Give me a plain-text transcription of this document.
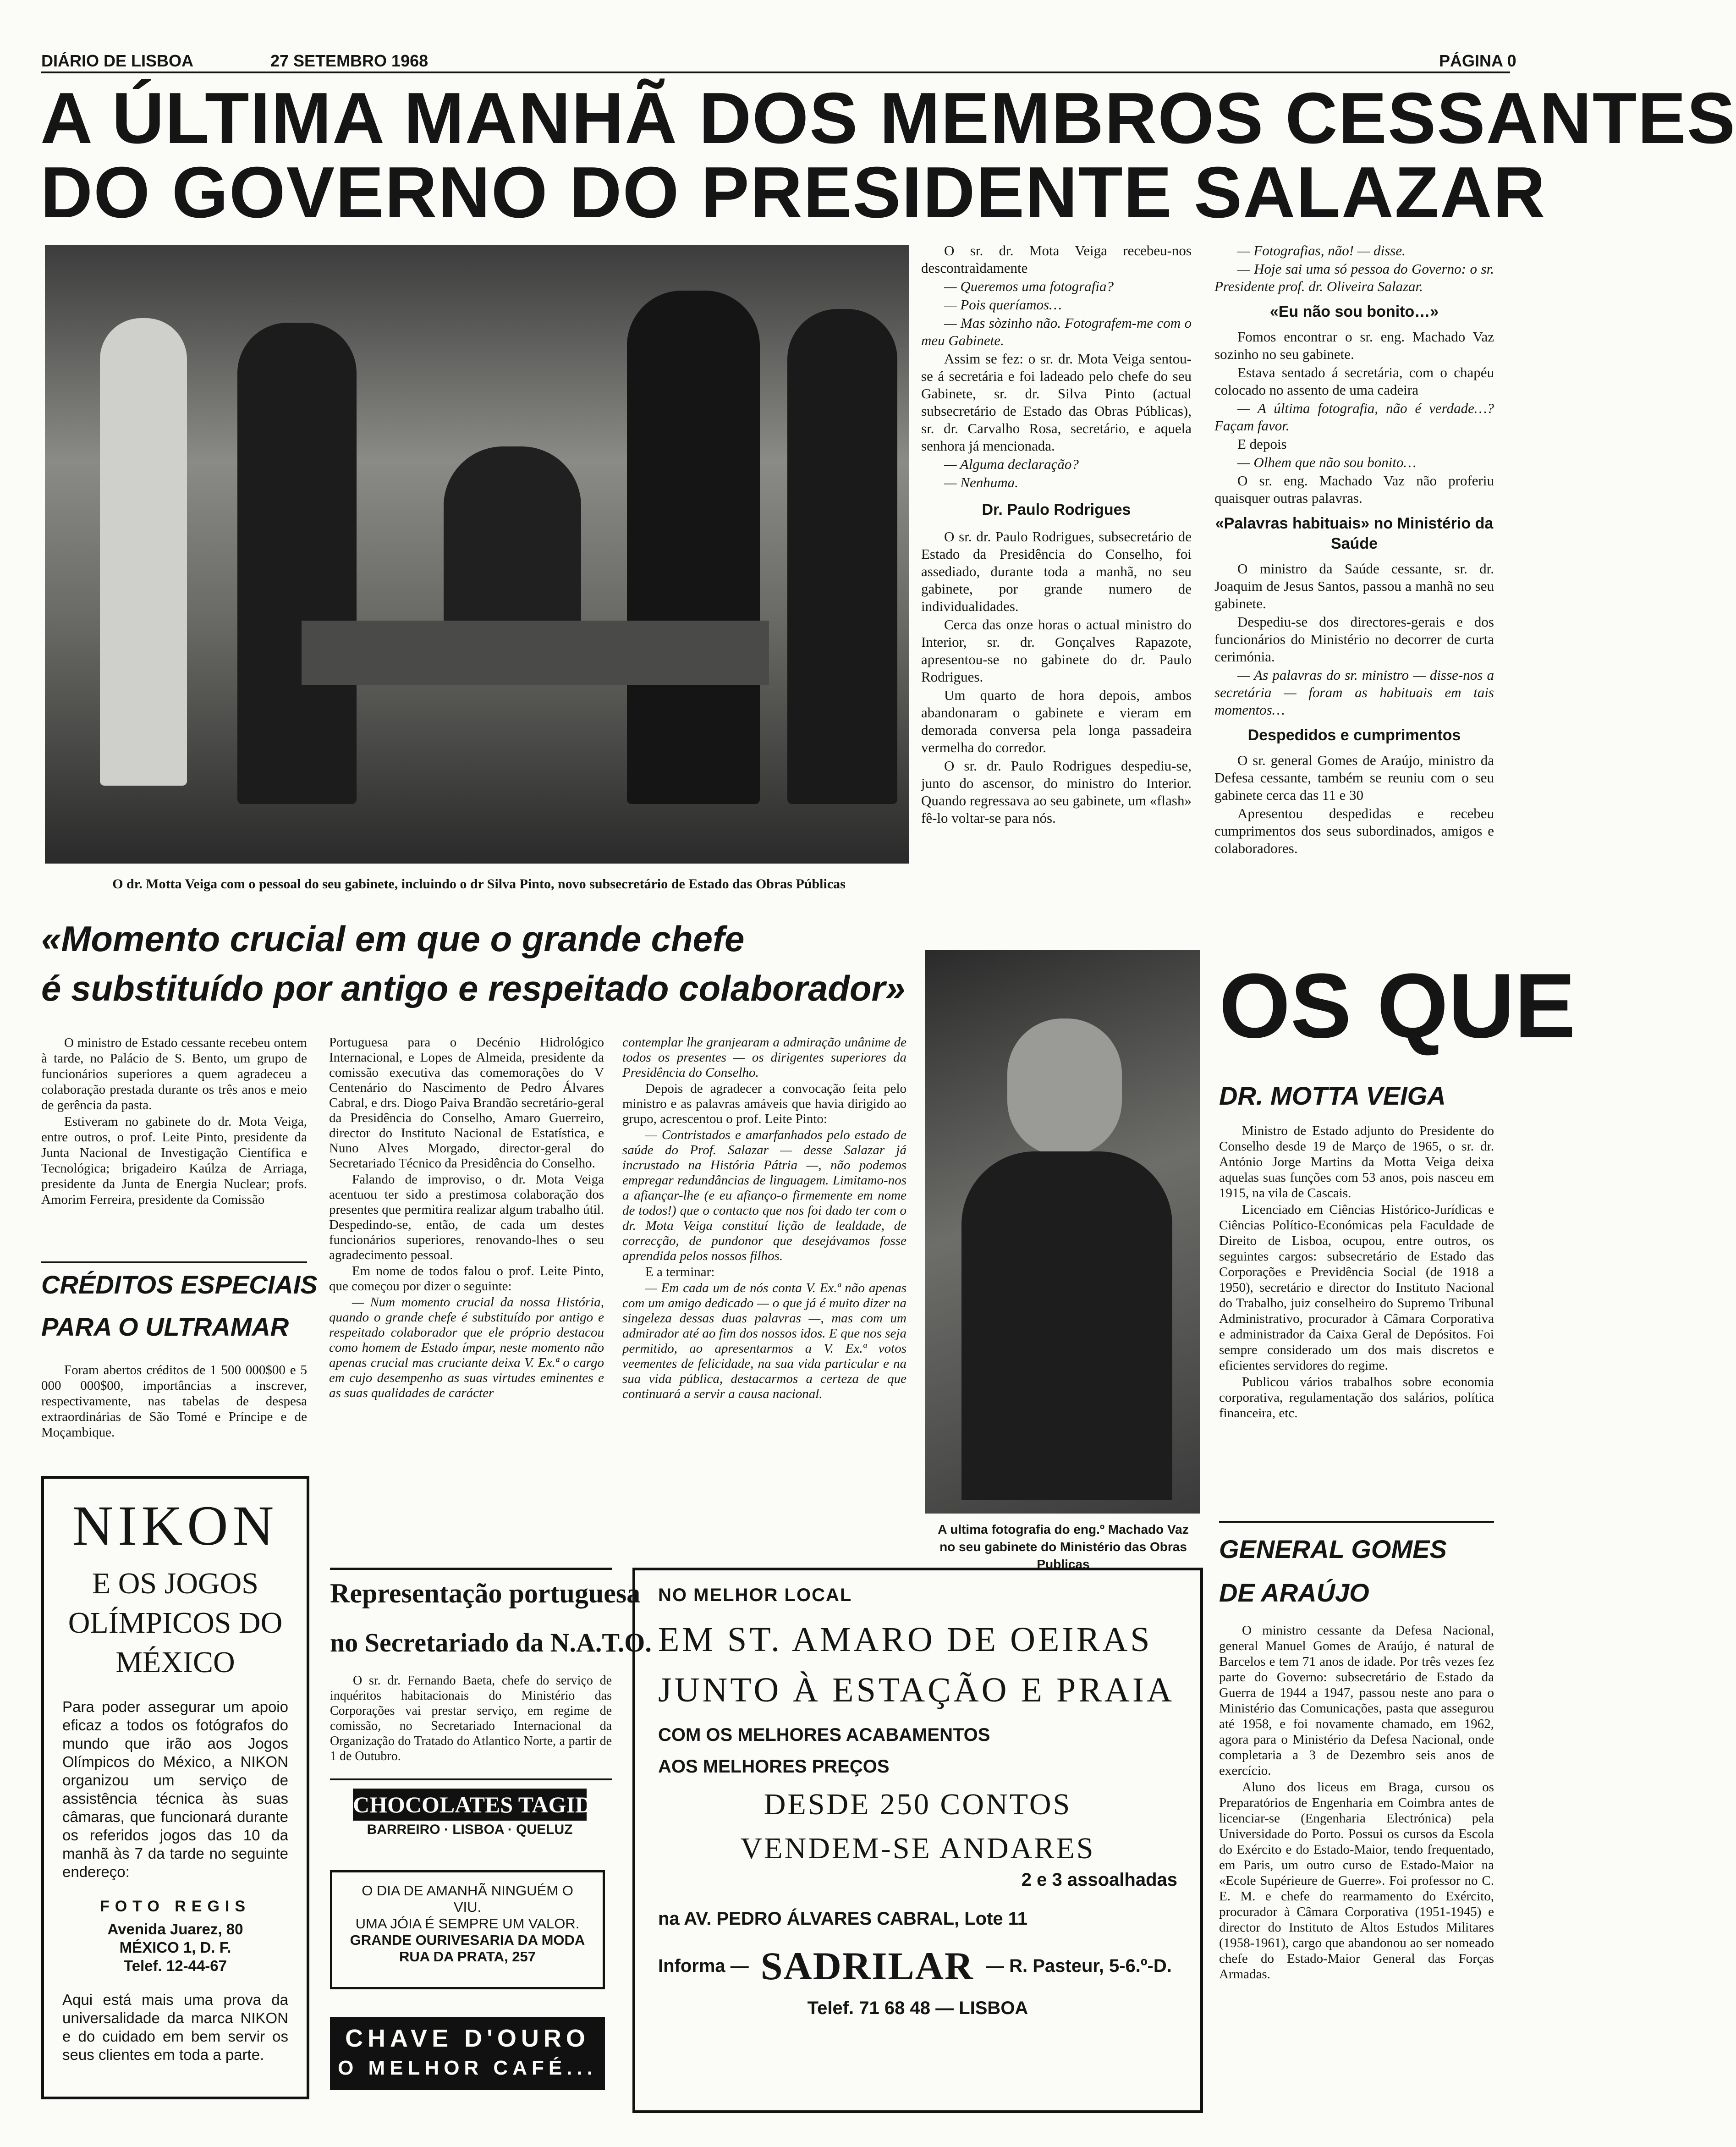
DIÁRIO DE LISBOA	27 SETEMBRO 1968	PÁGINA 0
A ÚLTIMA MANHÃ DOS MEMBROS CESSANTES
DO GOVERNO DO PRESIDENTE SALAZAR
O dr. Motta Veiga com o pessoal do seu gabinete, incluindo o dr Silva Pinto, novo subsecretário de Estado das Obras Públicas

O sr. dr. Mota Veiga recebeu-nos descontraìdamente

— Queremos uma fotografia?

— Pois queríamos…

— Mas sòzinho não. Fotografem-me com o meu Gabinete.

Assim se fez: o sr. dr. Mota Veiga sentou-se á secretária e foi ladeado pelo chefe do seu Gabinete, sr. dr. Silva Pinto (actual subsecretário de Estado das Obras Públicas), sr. dr. Carvalho Rosa, secretário, e aquela senhora já mencionada.

— Alguma declaração?

— Nenhuma.

Dr. Paulo Rodrigues

O sr. dr. Paulo Rodrigues, subsecretário de Estado da Presidência do Conselho, foi assediado, durante toda a manhã, no seu gabinete, por grande numero de individualidades.

Cerca das onze horas o actual ministro do Interior, sr. dr. Gonçalves Rapazote, apresentou-se no gabinete do dr. Paulo Rodrigues.

Um quarto de hora depois, ambos abandonaram o gabinete e vieram em demorada conversa pela longa passadeira vermelha do corredor.

O sr. dr. Paulo Rodrigues despediu-se, junto do ascensor, do ministro do Interior. Quando regressava ao seu gabinete, um «flash» fê-lo voltar-se para nós.

— Fotografias, não! — disse.

— Hoje sai uma só pessoa do Governo: o sr. Presidente prof. dr. Oliveira Salazar.

«Eu não sou bonito…»

Fomos encontrar o sr. eng. Machado Vaz sozinho no seu gabinete.

Estava sentado á secretária, com o chapéu colocado no assento de uma cadeira

— A última fotografia, não é verdade…? Façam favor.

E depois

— Olhem que não sou bonito…

O sr. eng. Machado Vaz não proferiu quaisquer outras palavras.

«Palavras habituais» no Ministério da Saúde

O ministro da Saúde cessante, sr. dr. Joaquim de Jesus Santos, passou a manhã no seu gabinete.

Despediu-se dos directores-gerais e dos funcionários do Ministério no decorrer de curta cerimónia.

— As palavras do sr. ministro — disse-nos a secretária — foram as habituais em tais momentos…

Despedidos e cumprimentos

O sr. general Gomes de Araújo, ministro da Defesa cessante, também se reuniu com o seu gabinete cerca das 11 e 30

Apresentou despedidas e recebeu cumprimentos dos seus subordinados, amigos e colaboradores.

«Momento crucial em que o grande chefe
é substituído por antigo e respeitado colaborador»

O ministro de Estado cessante recebeu ontem à tarde, no Palácio de S. Bento, um grupo de funcionários superiores a quem agradeceu a colaboração prestada durante os três anos e meio de gerência da pasta.

Estiveram no gabinete do dr. Mota Veiga, entre outros, o prof. Leite Pinto, presidente da Junta Nacional de Investigação Científica e Tecnológica; brigadeiro Kaúlza de Arriaga, presidente da Junta de Energia Nuclear; profs. Amorim Ferreira, presidente da Comissão

CRÉDITOS ESPECIAIS
PARA O ULTRAMAR

Foram abertos créditos de 1 500 000$00 e 5 000 000$00, importâncias a inscrever, respectivamente, nas tabelas de despesa extraordinárias de São Tomé e Príncipe e de Moçambique.

NIKON
E OS JOGOS OLÍMPICOS DO MÉXICO
Para poder assegurar um apoio eficaz a todos os fotógrafos do mundo que irão aos Jogos Olímpicos do México, a NIKON organizou um serviço de assistência técnica às suas câmaras, que funcionará durante os referidos jogos das 10 da manhã às 7 da tarde no seguinte endereço:
FOTO REGIS
Avenida Juarez, 80
MÉXICO 1, D. F.
Telef. 12-44-67
Aqui está mais uma prova da universalidade da marca NIKON e do cuidado em bem servir os seus clientes em toda a parte.

Portuguesa para o Decénio Hidrológico Internacional, e Lopes de Almeida, presidente da comissão executiva das comemorações do V Centenário do Nascimento de Pedro Álvares Cabral, e drs. Diogo Paiva Brandão secretário-geral da Presidência do Conselho, Amaro Guerreiro, director do Instituto Nacional de Estatística, e Nuno Alves Morgado, director-geral do Secretariado Técnico da Presidência do Conselho.

Falando de improviso, o dr. Mota Veiga acentuou ter sido a prestimosa colaboração dos presentes que permitira realizar algum trabalho útil. Despedindo-se, então, de cada um destes funcionários superiores, renovando-lhes o seu agradecimento pessoal.

Em nome de todos falou o prof. Leite Pinto, que começou por dizer o seguinte:

— Num momento crucial da nossa História, quando o grande chefe é substituído por antigo e respeitado colaborador que ele próprio destacou como homem de Estado ímpar, neste momento não apenas crucial mas cruciante deixa V. Ex.ª o cargo em cujo desempenho as suas virtudes eminentes e as suas qualidades de carácter

contemplar lhe granjearam a admiração unânime de todos os presentes — os dirigentes superiores da Presidência do Conselho.

Depois de agradecer a convocação feita pelo ministro e as palavras amáveis que havia dirigido ao grupo, acrescentou o prof. Leite Pinto:

— Contristados e amarfanhados pelo estado de saúde do Prof. Salazar — desse Salazar já incrustado na História Pátria —, não podemos empregar redundâncias de linguagem. Limitamo-nos a afiançar-lhe (e eu afianço-o firmemente em nome de todos!) que o contacto que nos foi dado ter com o dr. Mota Veiga constituí lição de lealdade, de correcção, de pundonor que desejávamos fosse aprendida pelos nossos filhos.

E a terminar:

— Em cada um de nós conta V. Ex.ª não apenas com um amigo dedicado — o que já é muito dizer na singeleza dessas duas palavras —, mas com um admirador até ao fim dos nossos idos. E que nos seja permitido, ao apresentarmos a V. Ex.ª votos veementes de felicidade, na sua vida particular e na sua vida pública, destacarmos a certeza de que continuará a servir a causa nacional.

A ultima fotografia do eng.º Machado Vaz no seu gabinete do Ministério das Obras Publicas
OS QUE
DR. MOTTA VEIGA

Ministro de Estado adjunto do Presidente do Conselho desde 19 de Março de 1965, o sr. dr. António Jorge Martins da Motta Veiga deixa aquelas suas funções com 53 anos, pois nasceu em 1915, na vila de Cascais.

Licenciado em Ciências Histórico-Jurídicas e Ciências Político-Económicas pela Faculdade de Direito de Lisboa, ocupou, entre outros, os seguintes cargos: subsecretário de Estado das Corporações e Previdência Social (de 1918 a 1950), secretário e director do Instituto Nacional do Trabalho, juiz conselheiro do Supremo Tribunal Administrativo, procurador à Câmara Corporativa e administrador da Caixa Geral de Depósitos. Foi sempre considerado um dos mais discretos e eficientes servidores do regime.

Publicou vários trabalhos sobre economia corporativa, regulamentação dos salários, política financeira, etc.

GENERAL GOMES
DE ARAÚJO

O ministro cessante da Defesa Nacional, general Manuel Gomes de Araújo, é natural de Barcelos e tem 71 anos de idade. Por três vezes fez parte do Governo: subsecretário de Estado da Guerra de 1944 a 1947, passou neste ano para o Ministério das Comunicações, pasta que assegurou até 1958, e foi novamente chamado, em 1962, agora para o Ministério da Defesa Nacional, onde completaria a 3 de Dezembro seis anos de exercício.

Aluno dos liceus em Braga, cursou os Preparatórios de Engenharia em Coimbra antes de licenciar-se (Engenharia Electrónica) pela Universidade do Porto. Possui os cursos da Escola do Exército e do Estado-Maior, tendo frequentado, em Paris, um outro curso de Estado-Maior na «Ecole Supérieure de Guerre». Foi professor no C. E. M. e chefe do rearmamento do Exército, procurador à Câmara Corporativa (1951-1945) e director do Instituto de Altos Estudos Militares (1958-1961), cargo que abandonou ao ser nomeado chefe do Estado-Maior General das Forças Armadas.

Representação portuguesa
no Secretariado da N.A.T.O.

O sr. dr. Fernando Baeta, chefe do serviço de inquéritos habitacionais do Ministério das Corporações vai prestar serviço, em regime de comissão, no Secretariado Internacional da Organização do Tratado do Atlantico Norte, a partir de 1 de Outubro.

CHOCOLATES TAGIDES
BARREIRO · LISBOA · QUELUZ
O DIA DE AMANHÃ NINGUÉM O VIU.
UMA JÓIA É SEMPRE UM VALOR.
GRANDE OURIVESARIA DA MODA
RUA DA PRATA, 257
CHAVE D'OURO
O MELHOR CAFÉ...
NO MELHOR LOCAL
EM ST. AMARO DE OEIRAS
JUNTO À ESTAÇÃO E PRAIA
COM OS MELHORES ACABAMENTOS
AOS MELHORES PREÇOS
DESDE 250 CONTOS
VENDEM-SE ANDARES
2 e 3 assoalhadas
na AV. PEDRO ÁLVARES CABRAL, Lote 11
Informa — SADRILAR — R. Pasteur, 5-6.º-D.
Telef. 71 68 48 — LISBOA
